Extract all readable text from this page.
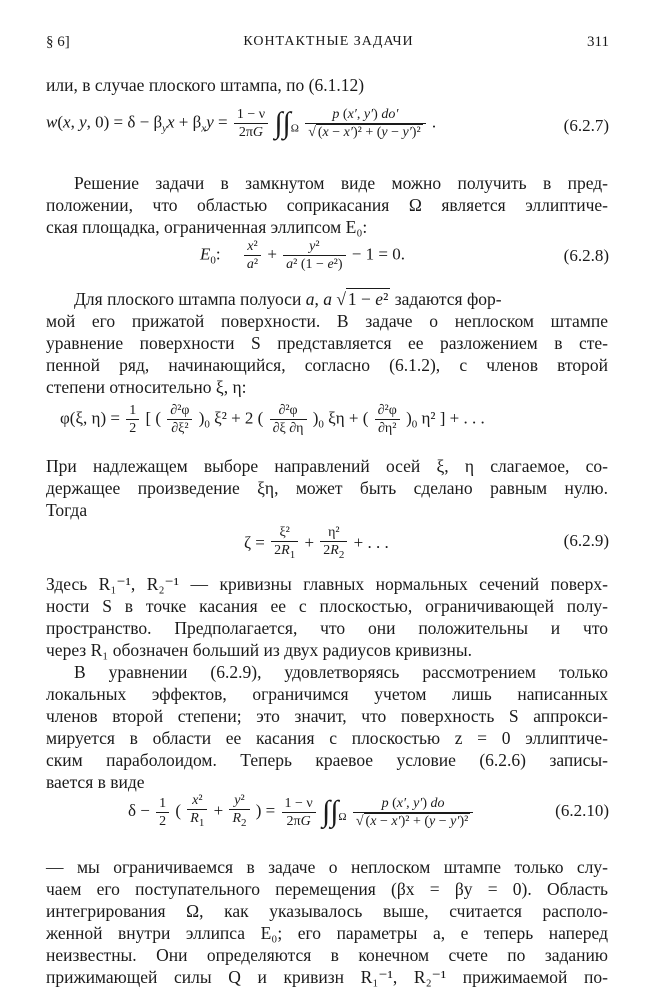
§ 6]	КОНТАКТНЫЕ ЗАДАЧИ	311
или, в случае плоского штампа, по (6.1.12)
w(x, y, $0) = \delta - \beta_yx + \beta_xy = \frac{1 - \nu}{2\pi G} \int\int_\Omega \frac{p (x', y') do'}{\text{√ (x − x′)² + (y − y′)²}}$ .	(6.2.7)
Решение задачи в замкнутом виде можно получить в пред-
положении, что областью соприкасания Ω является эллиптиче-
ская площадка, ограниченная эллипсом E₀:
$E_0$: $\frac{\text{x²}}{\text{a²}} + \frac{\text{y²}}{\text{a² (1 − e²)}} - 1 = 0$.	(6.2.8)
Для плоского штампа полуоси a, a √ 1 − e² задаются фор-
мой его прижатой поверхности. В задаче о неплоском штампе
уравнение поверхности S представляется ее разложением в сте-
пенной ряд, начинающийся, согласно (6.1.2), с членов второй
степени относительно ξ, η:
φ(ξ, $\eta) = \frac{1}{2}$ [ ( $\frac{\text{∂²φ}}{\text{∂ξ²}} )_0$ ξ² + 2 ( $\frac{\text{∂²φ}}{\partial\xi \partial\eta} )_0$ ξη + ( $\frac{\text{∂²φ}}{\text{∂η²}} )_0$ η² ] + . . .
При надлежащем выборе направлений осей ξ, η слагаемое, со-
держащее произведение ξη, может быть сделано равным нулю.
Тогда
$\zeta = \frac{\text{ξ²}}{2R_1} + \frac{\text{η²}}{2R_2}$ + . . .	(6.2.9)
Здесь R₁⁻¹, R₂⁻¹ — кривизны главных нормальных сечений поверх-
ности S в точке касания ее с плоскостью, ограничивающей полу-
пространство. Предполагается, что они положительны и что
через R₁ обозначен больший из двух радиусов кривизны.
В уравнении (6.2.9), удовлетворяясь рассмотрением только
локальных эффектов, ограничимся учетом лишь написанных
членов второй степени; это значит, что поверхность S аппрокси-
мируется в области ее касания с плоскостью z = 0 эллиптиче-
ским параболоидом. Теперь краевое условие (6.2.6) записы-
вается в виде
$\delta - \frac{1}{2}$ ( $\frac{\text{x²}}{R_1} + \frac{\text{y²}}{R_2}$ ) = $\frac{1 - \nu}{2\pi G} \int\int_\Omega \frac{p (x', y') do}{\text{√ (x − x′)² + (y − y′)²}}$	(6.2.10)
— мы ограничиваемся в задаче о неплоском штампе только слу-
чаем его поступательного перемещения (βx = βy = 0). Область
интегрирования Ω, как указывалось выше, считается располо-
женной внутри эллипса E₀; его параметры a, e теперь наперед
неизвестны. Они определяются в конечном счете по заданию
прижимающей силы Q и кривизн R₁⁻¹, R₂⁻¹ прижимаемой по-
